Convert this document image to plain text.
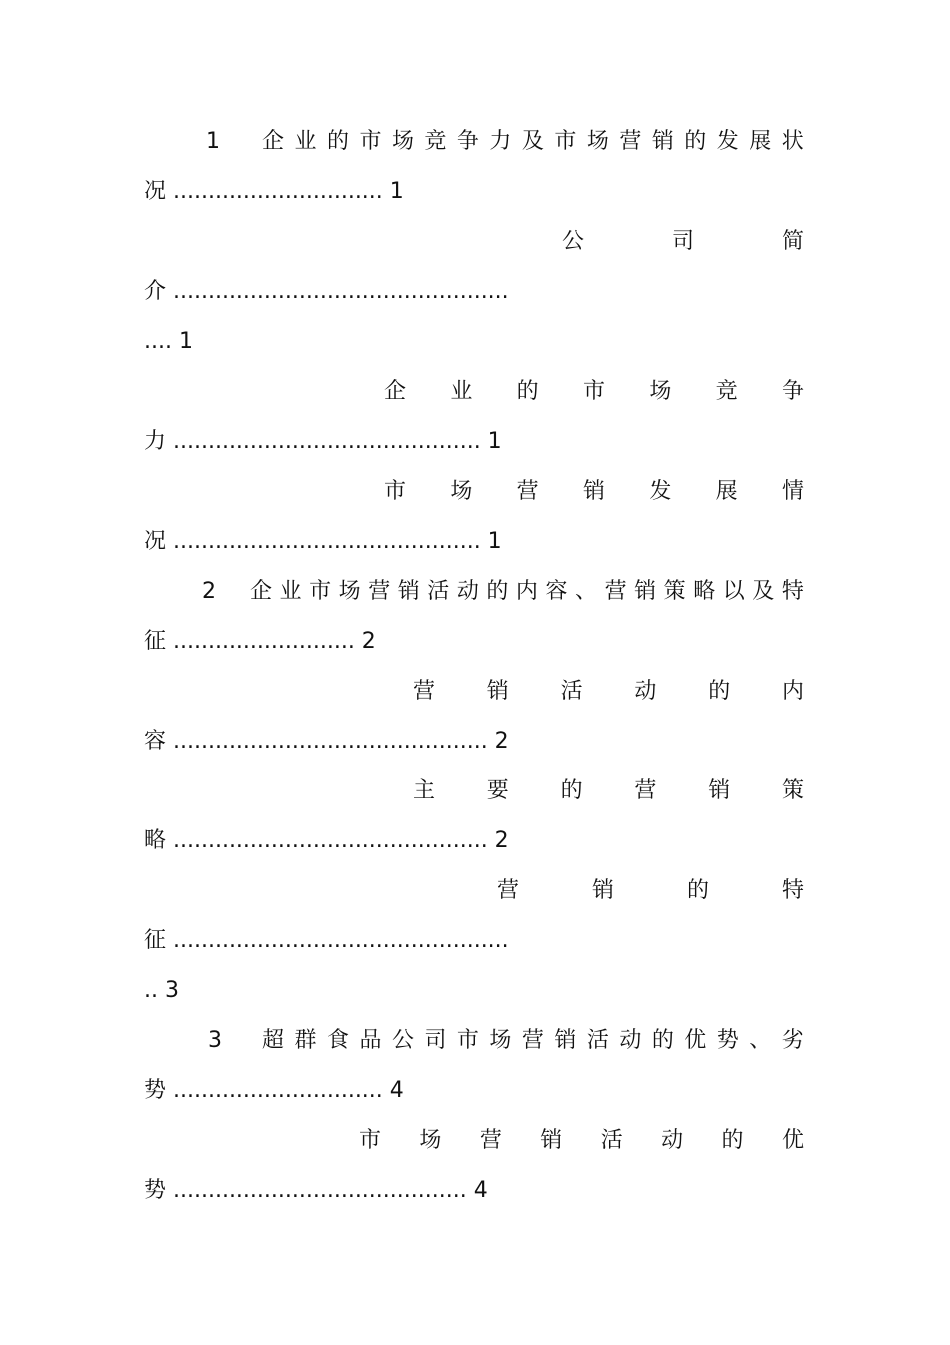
1 企 业 的 市 场 竞 争 力 及 市 场 营 销 的 发 展 状
况 .............................. 1
公	司	简
介 ................................................
.... 1
企 业 的 市 场 竞 争
力 ............................................ 1
市 场 营 销 发 展 情
况 ............................................ 1
2 企 业 市 场 营 销 活 动 的 内 容 、 营 销 策 略 以 及 特
征 .......................... 2
营 销 活 动 的 内
容 ............................................. 2
主 要 的 营 销 策
略 ............................................. 2
营	销	的	特
征 ................................................
.. 3
3 超 群 食 品 公 司 市 场 营 销 活 动 的 优 势 、 劣
势 .............................. 4
市 场 营 销 活 动 的 优
势 .......................................... 4
